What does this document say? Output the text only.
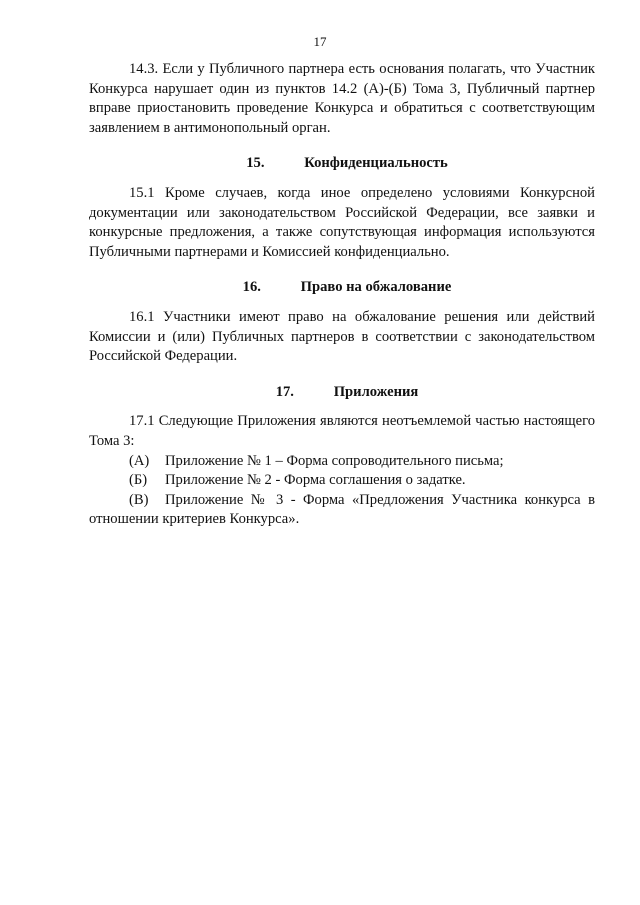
17

14.3. Если у Публичного партнера есть основания полагать, что Участник Конкурса нарушает один из пунктов 14.2 (А)-(Б) Тома 3, Публичный партнер вправе приостановить проведение Конкурса и обратиться с соответствующим заявлением в антимонопольный орган.

15.	Конфиденциальность

15.1 Кроме случаев, когда иное определено условиями Конкурсной документации или законодательством Российской Федерации, все заявки и конкурсные предложения, а также сопутствующая информация используются Публичными партнерами и Комиссией конфиденциально.

16.	Право на обжалование

16.1 Участники имеют право на обжалование решения или действий Комиссии и (или) Публичных партнеров в соответствии с законодательством Российской Федерации.

17.	Приложения

17.1 Следующие Приложения являются неотъемлемой частью настоящего Тома 3:

(А) Приложение № 1 – Форма сопроводительного письма;

(Б) Приложение № 2 - Форма соглашения о задатке.

(В) Приложение № 3 - Форма «Предложения Участника конкурса в отношении критериев Конкурса».
